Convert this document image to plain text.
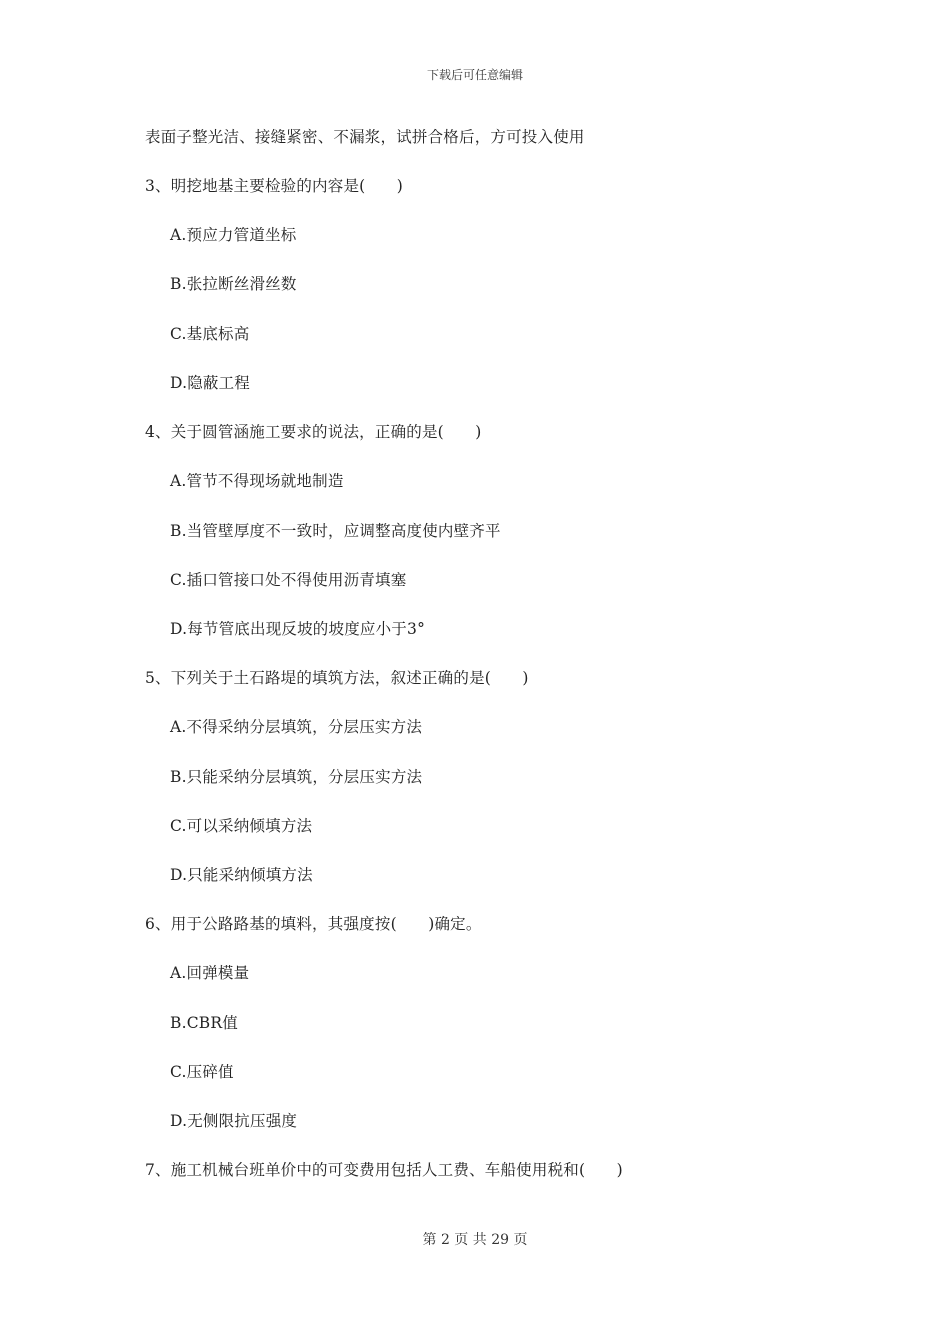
下载后可任意编辑
表面子整光洁、接缝紧密、不漏浆，试拼合格后，方可投入使用
3、明挖地基主要检验的内容是(　　)
A.预应力管道坐标
B.张拉断丝滑丝数
C.基底标高
D.隐蔽工程
4、关于圆管涵施工要求的说法，正确的是(　　)
A.管节不得现场就地制造
B.当管壁厚度不一致时，应调整高度使内壁齐平
C.插口管接口处不得使用沥青填塞
D.每节管底出现反坡的坡度应小于3°
5、下列关于土石路堤的填筑方法，叙述正确的是(　　)
A.不得采纳分层填筑，分层压实方法
B.只能采纳分层填筑，分层压实方法
C.可以采纳倾填方法
D.只能采纳倾填方法
6、用于公路路基的填料，其强度按(　　)确定。
A.回弹模量
B.CBR值
C.压碎值
D.无侧限抗压强度
7、施工机械台班单价中的可变费用包括人工费、车船使用税和(　　)
第 2 页 共 29 页
